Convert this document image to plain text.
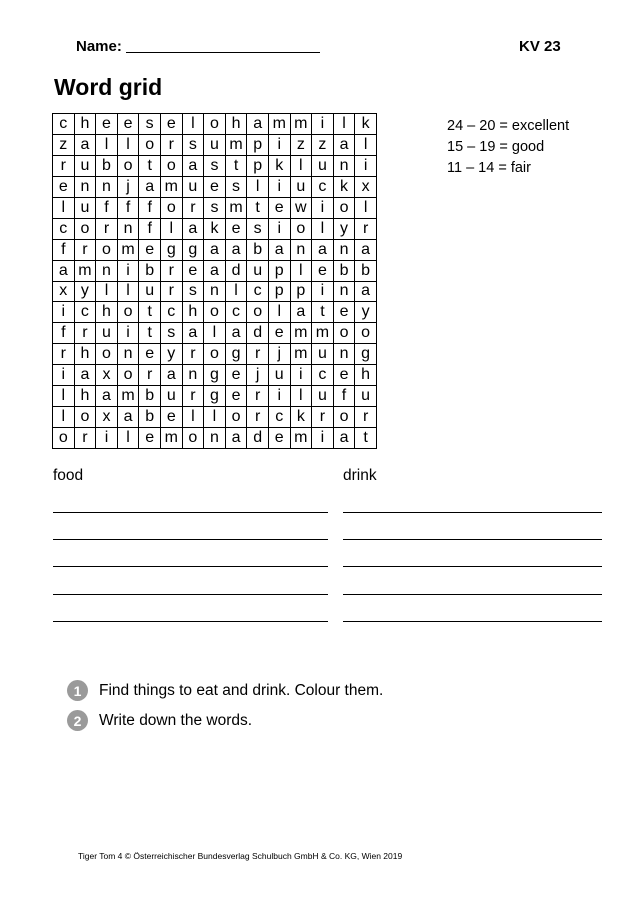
Name:	KV 23
Word grid
c	h	e	e	s	e	l	o	h	a	m	m	i	l	k
z	a	l	l	o	r	s	u	m	p	i	z	z	a	l
r	u	b	o	t	o	a	s	t	p	k	l	u	n	i
e	n	n	j	a	m	u	e	s	l	i	u	c	k	x
l	u	f	f	f	o	r	s	m	t	e	w	i	o	l
c	o	r	n	f	l	a	k	e	s	i	o	l	y	r
f	r	o	m	e	g	g	a	a	b	a	n	a	n	a
a	m	n	i	b	r	e	a	d	u	p	l	e	b	b
x	y	l	l	u	r	s	n	l	c	p	p	i	n	a
i	c	h	o	t	c	h	o	c	o	l	a	t	e	y
f	r	u	i	t	s	a	l	a	d	e	m	m	o	o
r	h	o	n	e	y	r	o	g	r	j	m	u	n	g
i	a	x	o	r	a	n	g	e	j	u	i	c	e	h
l	h	a	m	b	u	r	g	e	r	i	l	u	f	u
l	o	x	a	b	e	l	l	o	r	c	k	r	o	r
o	r	i	l	e	m	o	n	a	d	e	m	i	a	t
24 – 20 = excellent
15 – 19 = good
11 – 14 = fair
food	drink
1	Find things to eat and drink. Colour them.
2	Write down the words.
Tiger Tom 4 © Österreichischer Bundesverlag Schulbuch GmbH & Co. KG, Wien 2019
